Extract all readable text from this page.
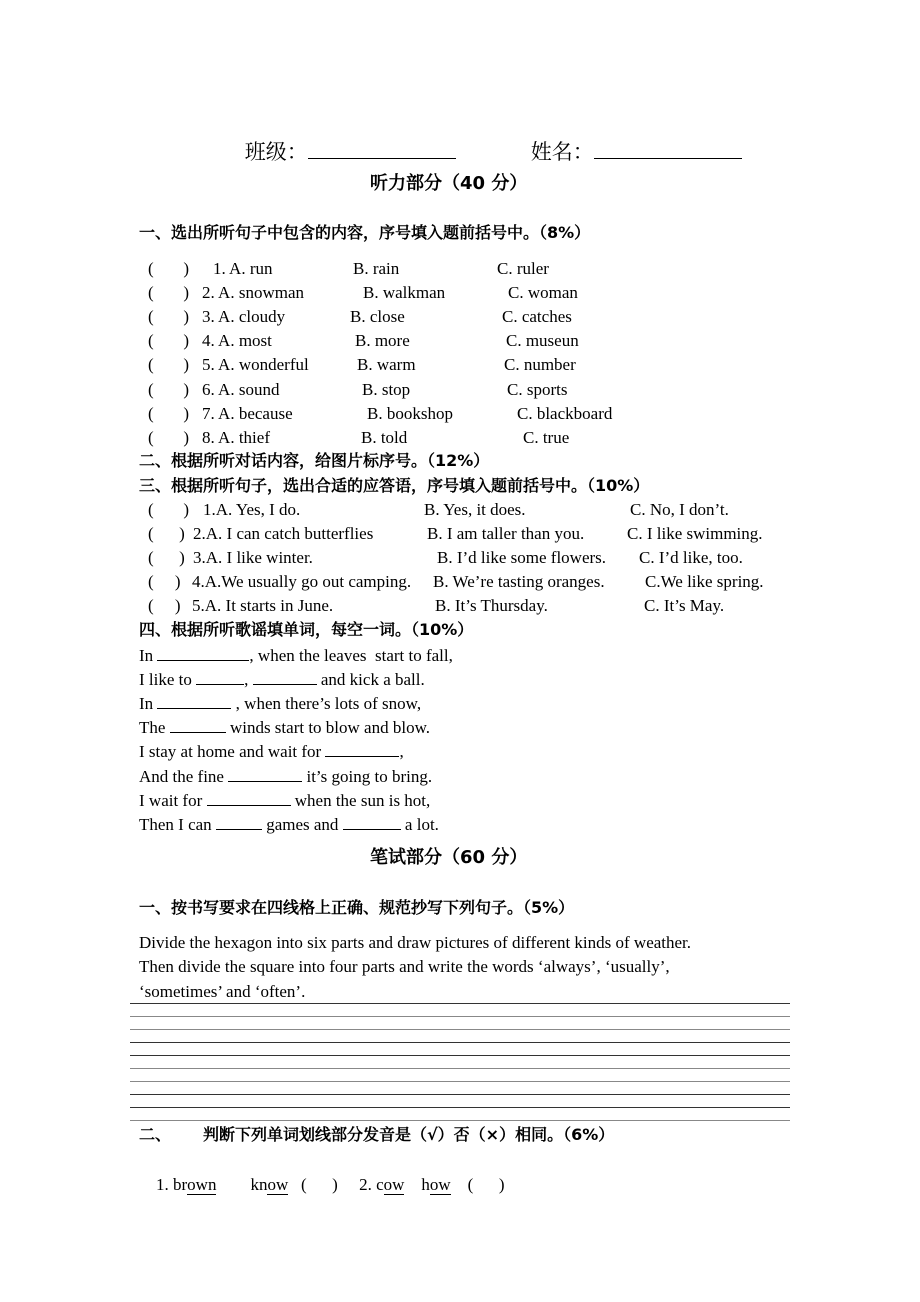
班级：
	姓名：

听力部分（40 分）
一、选出所听句子中包含的内容，序号填入题前括号中。（8%）
(       ) 1. A. run	B. rain	C. ruler
(       ) 2. A. snowman	B. walkman	C. woman
(       ) 3. A. cloudy	B. close	C. catches
(       ) 4. A. most	B. more	C. museun
(       ) 5. A. wonderful	B. warm	C. number
(       ) 6. A. sound	B. stop	C. sports
(       ) 7. A. because	B. bookshop	C. blackboard
(       ) 8. A. thief	B. told	C. true
二、根据所听对话内容，给图片标序号。（12%）
三、根据所听句子，选出合适的应答语，序号填入题前括号中。（10%）
(       ) 1.A. Yes, I do.	B. Yes, it does.	C. No, I don’t.
(      ) 2.A. I can catch butterflies	B. I am taller than you.	C. I like swimming.
(      ) 3.A. I like winter.	B. I’d like some flowers. C. I’d like, too.
(     ) 4.A.We usually go out camping. B. We’re tasting oranges. C.We like spring.
(     ) 5.A. It starts in June.	B. It’s Thursday.	C. It’s May.
四、根据所听歌谣填单词，每空一词。（10%）
In	, when the leaves  start to fall,
I like to	,	and kick a ball.
In	, when there’s lots of snow,
The	winds start to blow and blow.
I stay at home and wait for	,
And the fine	it’s going to bring.
I wait for	when the sun is hot,
Then I can	games and	a lot.
笔试部分（60 分）
一、按书写要求在四线格上正确、规范抄写下列句子。（5%）
Divide the hexagon into six parts and draw pictures of different kinds of weather.
Then divide the square into four parts and write the words ‘always’, ‘usually’,
‘sometimes’ and ‘often’.
二、 判断下列单词划线部分发音是（√）否（×）相同。（6%）

1. brown know (      ) 2. cow how (      )
